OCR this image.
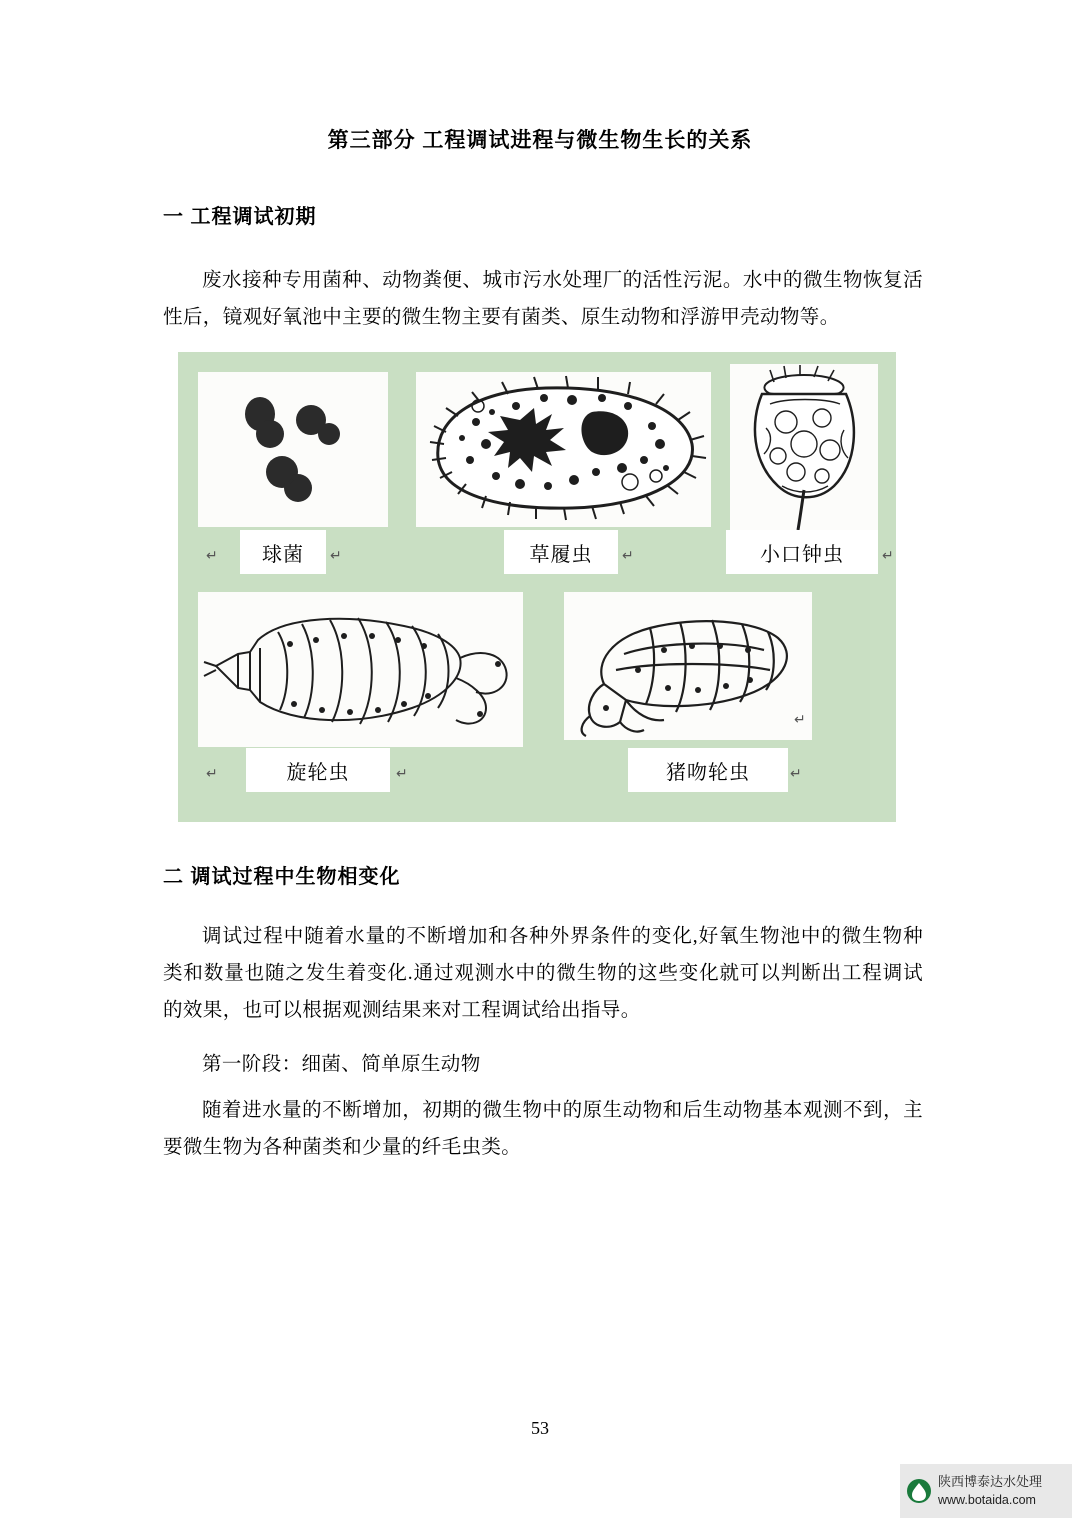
第三部分 工程调试进程与微生物生长的关系
一 工程调试初期
废水接种专用菌种、动物粪便、城市污水处理厂的活性污泥。水中的微生物恢复活性后，镜观好氧池中主要的微生物主要有菌类、原生动物和浮游甲壳动物等。
球菌	草履虫	小口钟虫
旋轮虫	猪吻轮虫
↵	↵	↵	↵
↵	↵	↵
↵
二 调试过程中生物相变化
调试过程中随着水量的不断增加和各种外界条件的变化,好氧生物池中的微生物种类和数量也随之发生着变化.通过观测水中的微生物的这些变化就可以判断出工程调试的效果，也可以根据观测结果来对工程调试给出指导。
第一阶段：细菌、简单原生动物
随着进水量的不断增加，初期的微生物中的原生动物和后生动物基本观测不到，主要微生物为各种菌类和少量的纤毛虫类。
53
陕西博泰达水处理
www.botaida.com
